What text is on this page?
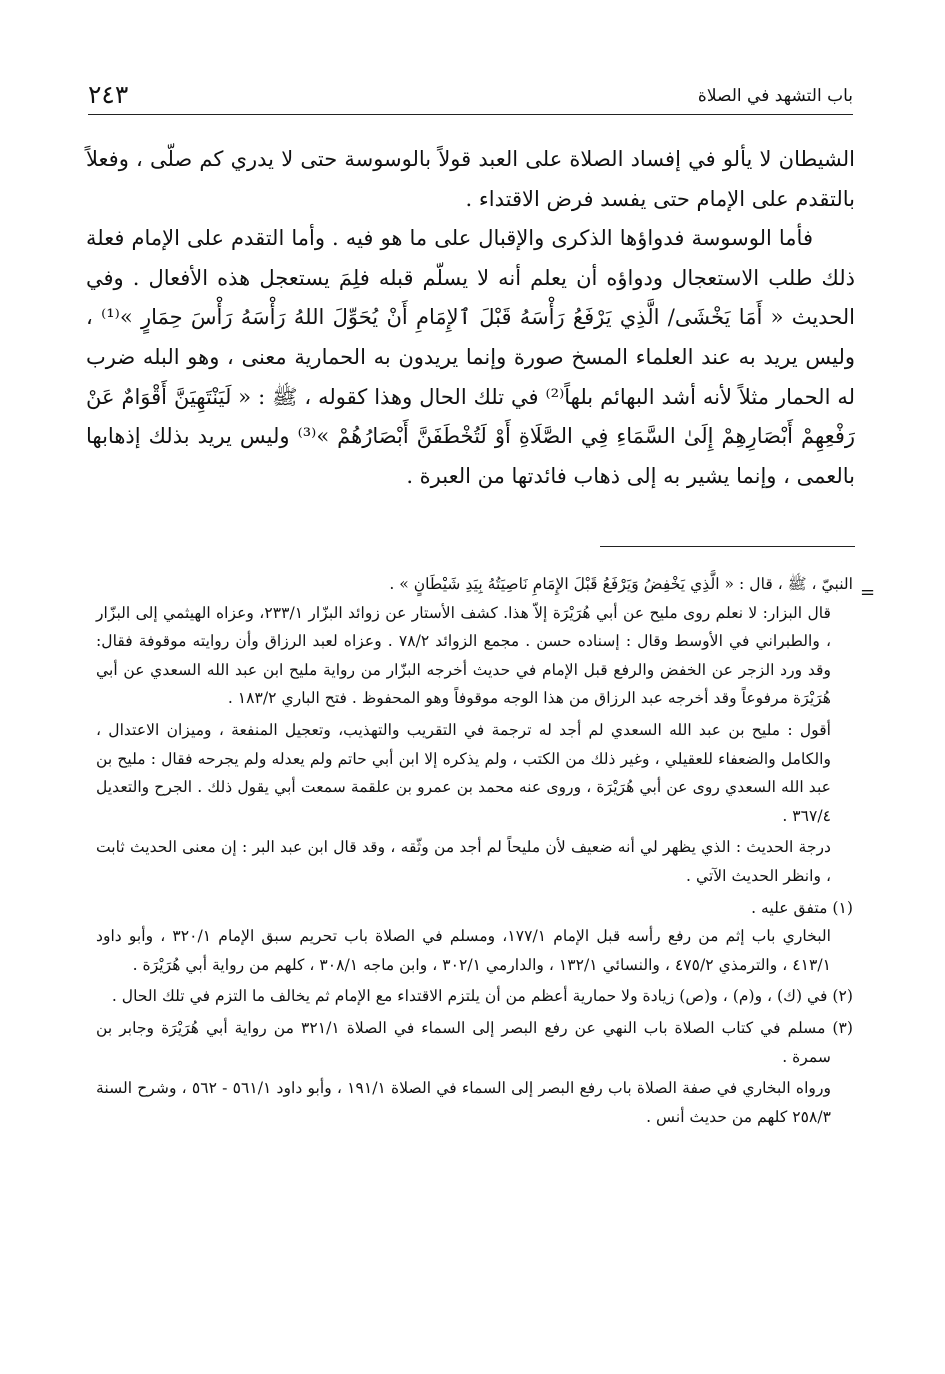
٢٤٣	باب التشهد في الصلاة

الشيطان لا يألو في إفساد الصلاة على العبد قولاً بالوسوسة حتى لا يدري كم صلّى ، وفعلاً بالتقدم على الإمام حتى يفسد فرض الاقتداء .

فأما الوسوسة فدواؤها الذكرى والإقبال على ما هو فيه . وأما التقدم على الإمام فعلة ذلك طلب الاستعجال ودواؤه أن يعلم أنه لا يسلّم قبله فلِمَ يستعجل هذه الأفعال . وفي الحديث « أَمَا يَخْشَى/ الَّذِي يَرْفَعُ رَأْسَهُ قَبْلَ ٱلإِمَامِ أَنْ يُحَوِّلَ اللهُ رَأْسَهُ رَأْسَ حِمَارٍ »⁽¹⁾ ، وليس يريد به عند العلماء المسخ صورة وإنما يريدون به الحمارية معنى ، وهو البله ضرب له الحمار مثلاً لأنه أشد البهائم بلهاً⁽²⁾ في تلك الحال وهذا كقوله ، ﷺ : « لَيَنْتَهِيَنَّ أَقْوَامٌ عَنْ رَفْعِهِمْ أَبْصَارِهِمْ إِلَىٰ السَّمَاءِ فِي الصَّلَاةِ أَوْ لَتُخْطَفَنَّ أَبْصَارُهُمْ »⁽³⁾ وليس يريد بذلك إذهابها بالعمى ، وإنما يشير به إلى ذهاب فائدتها من العبرة .

=

النبيّ ، ﷺ ، قال : « الَّذِي يَخْفِضُ وَيَرْفَعُ قَبْلَ الإِمَامِ نَاصِيَتُهُ بِيَدِ شَيْطَانٍ » .

قال البزار: لا نعلم روى مليح عن أبي هُرَيْرَة إلاّ هذا. كشف الأستار عن زوائد البزّار ٢٣٣/١، وعزاه الهيثمي إلى البزّار ، والطبراني في الأوسط وقال : إسناده حسن . مجمع الزوائد ٧٨/٢ . وعزاه لعبد الرزاق وأن روايته موقوفة فقال: وقد ورد الزجر عن الخفض والرفع قبل الإمام في حديث أخرجه البزّار من رواية مليح ابن عبد الله السعدي عن أبي هُرَيْرَة مرفوعاً وقد أخرجه عبد الرزاق من هذا الوجه موقوفاً وهو المحفوظ . فتح الباري ١٨٣/٢ .

أقول : مليح بن عبد الله السعدي لم أجد له ترجمة في التقريب والتهذيب، وتعجيل المنفعة ، وميزان الاعتدال ، والكامل والضعفاء للعقيلي ، وغير ذلك من الكتب ، ولم يذكره إلا ابن أبي حاتم ولم يعدله ولم يجرحه فقال : مليح بن عبد الله السعدي روى عن أبي هُرَيْرَة ، وروى عنه محمد بن عمرو بن علقمة سمعت أبي يقول ذلك . الجرح والتعديل ٣٦٧/٤ .

درجة الحديث : الذي يظهر لي أنه ضعيف لأن مليحاً لم أجد من وثّقه ، وقد قال ابن عبد البر : إن معنى الحديث ثابت ، وانظر الحديث الآتي .

(١) متفق عليه .

البخاري باب إثم من رفع رأسه قبل الإمام ١٧٧/١، ومسلم في الصلاة باب تحريم سبق الإمام ٣٢٠/١ ، وأبو داود ٤١٣/١ ، والترمذي ٤٧٥/٢ ، والنسائي ١٣٢/١ ، والدارمي ٣٠٢/١ ، وابن ماجه ٣٠٨/١ ، كلهم من رواية أبي هُرَيْرَة .

(٢) في (ك) ، و(م) ، و(ص) زيادة ولا حمارية أعظم من أن يلتزم الاقتداء مع الإمام ثم يخالف ما التزم في تلك الحال .

(٣) مسلم في كتاب الصلاة باب النهي عن رفع البصر إلى السماء في الصلاة ٣٢١/١ من رواية أبي هُرَيْرَة وجابر بن سمرة .

ورواه البخاري في صفة الصلاة باب رفع البصر إلى السماء في الصلاة ١٩١/١ ، وأبو داود ٥٦١/١ - ٥٦٢ ، وشرح السنة ٢٥٨/٣ كلهم من حديث أنس .
